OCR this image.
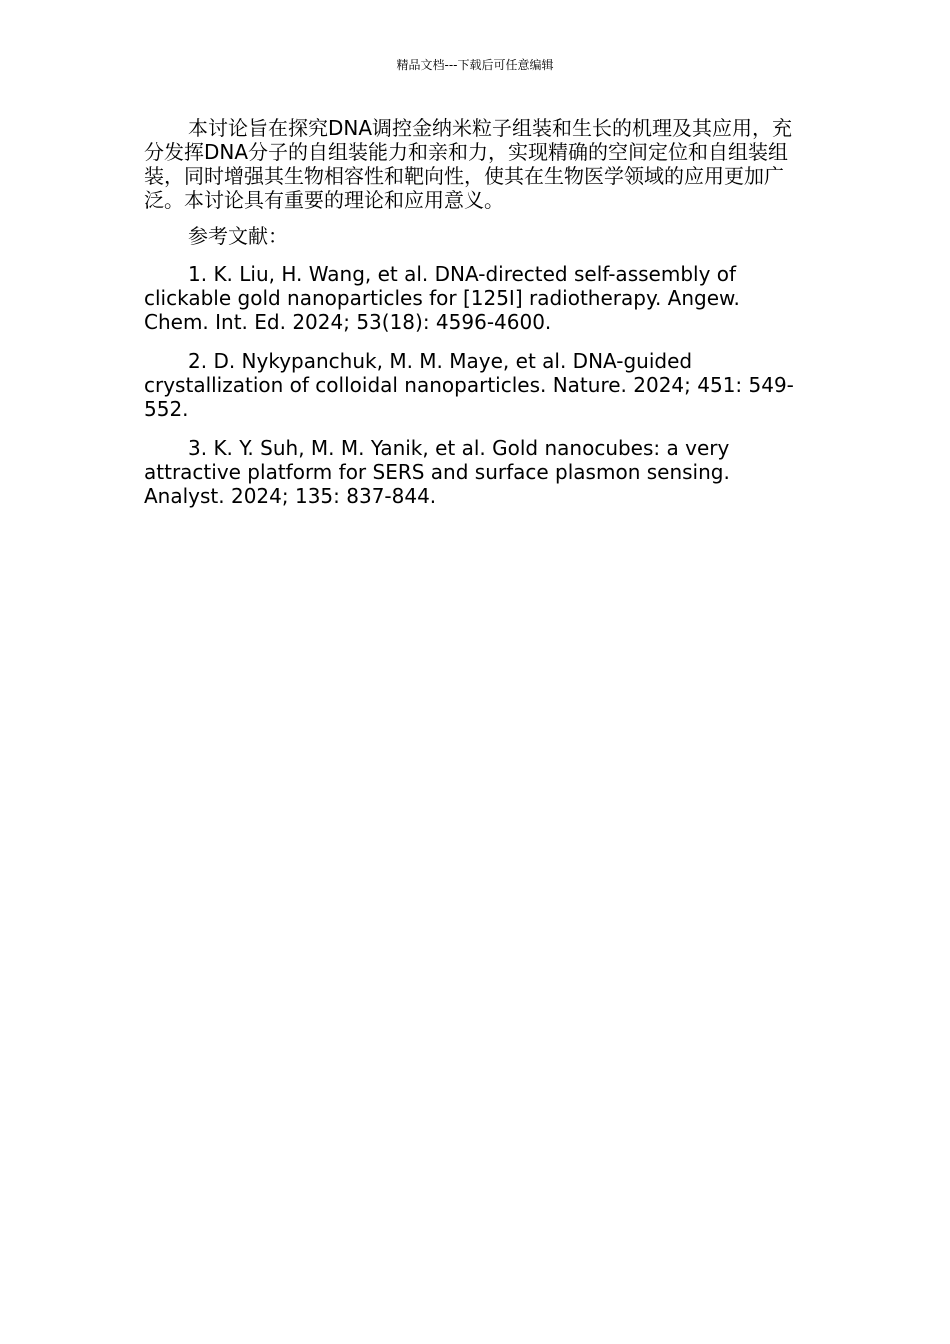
精品文档---下载后可任意编辑

本讨论旨在探究DNA调控金纳米粒子组装和生长的机理及其应用，充分发挥DNA分子的自组装能力和亲和力，实现精确的空间定位和自组装组装，同时增强其生物相容性和靶向性，使其在生物医学领域的应用更加广泛。本讨论具有重要的理论和应用意义。

参考文献：

1. K. Liu, H. Wang, et al. DNA-directed self-assembly of clickable gold nanoparticles for [125I] radiotherapy. Angew. Chem. Int. Ed. 2024; 53(18): 4596-4600.

2. D. Nykypanchuk, M. M. Maye, et al. DNA-guided crystallization of colloidal nanoparticles. Nature. 2024; 451: 549-552.

3. K. Y. Suh, M. M. Yanik, et al. Gold nanocubes: a very attractive platform for SERS and surface plasmon sensing. Analyst. 2024; 135: 837-844.
